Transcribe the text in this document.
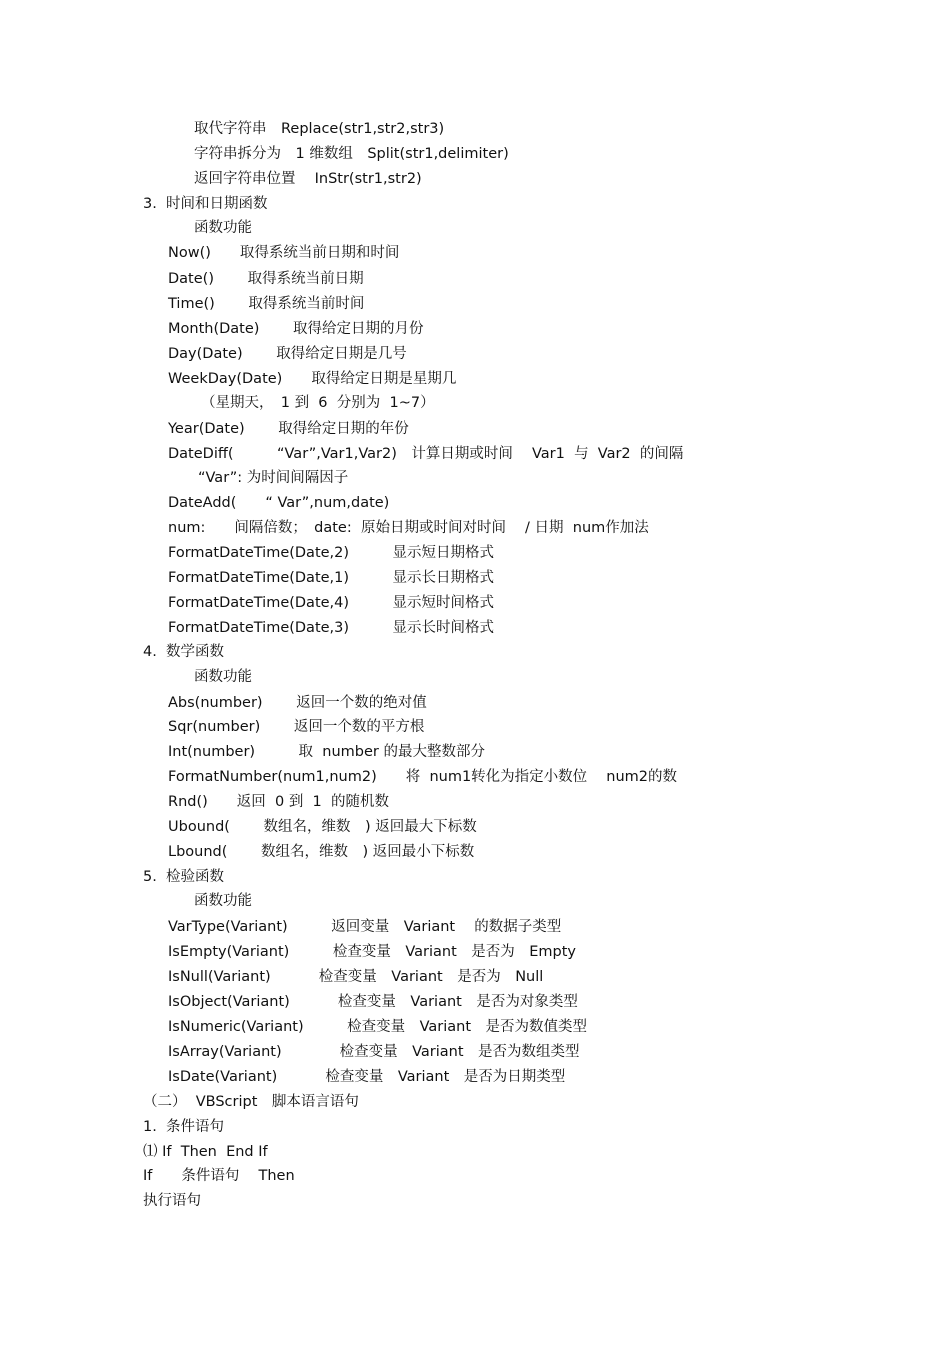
取代字符串　Replace(str1,str2,str3)
字符串拆分为　1 维数组　Split(str1,delimiter)
返回字符串位置　 InStr(str1,str2)
3.  时间和日期函数
函数功能
Now()　　取得系统当前日期和时间
Date()　　 取得系统当前日期
Time()　　 取得系统当前时间
Month(Date)　　 取得给定日期的月份
Day(Date)　　 取得给定日期是几号
WeekDay(Date)　　取得给定日期是星期几
（星期天，　1 到  6  分别为  1~7）
Year(Date)　　 取得给定日期的年份
DateDiff(　　　“Var”,Var1,Var2)　计算日期或时间　 Var1  与  Var2  的间隔
“Var”: 为时间间隔因子
DateAdd(　　“ Var”,num,date)
num:　　间隔倍数；　date:  原始日期或时间对时间　 / 日期  num作加法
FormatDateTime(Date,2)　　　显示短日期格式
FormatDateTime(Date,1)　　　显示长日期格式
FormatDateTime(Date,4)　　　显示短时间格式
FormatDateTime(Date,3)　　　显示长时间格式
4.  数学函数
函数功能
Abs(number)　　 返回一个数的绝对值
Sqr(number)　　 返回一个数的平方根
Int(number)　　　取  number 的最大整数部分
FormatNumber(num1,num2)　　将  num1转化为指定小数位　 num2的数
Rnd()　　返回  0 到  1  的随机数
Ubound(　　 数组名，维数　) 返回最大下标数
Lbound(　　 数组名，维数　) 返回最小下标数
5.  检验函数
函数功能
VarType(Variant)　　　返回变量　Variant　 的数据子类型
IsEmpty(Variant)　　　检查变量　Variant　是否为　Empty
IsNull(Variant)　　　 检查变量　Variant　是否为　Null
IsObject(Variant)　　　 检查变量　Variant　是否为对象类型
IsNumeric(Variant)　　　检查变量　Variant　是否为数值类型
IsArray(Variant)　　　　检查变量　Variant　是否为数组类型
IsDate(Variant)　　　 检查变量　Variant　是否为日期类型
（二）  VBScript　脚本语言语句
1.  条件语句
⑴ If  Then  End If
If　　条件语句　 Then
执行语句
